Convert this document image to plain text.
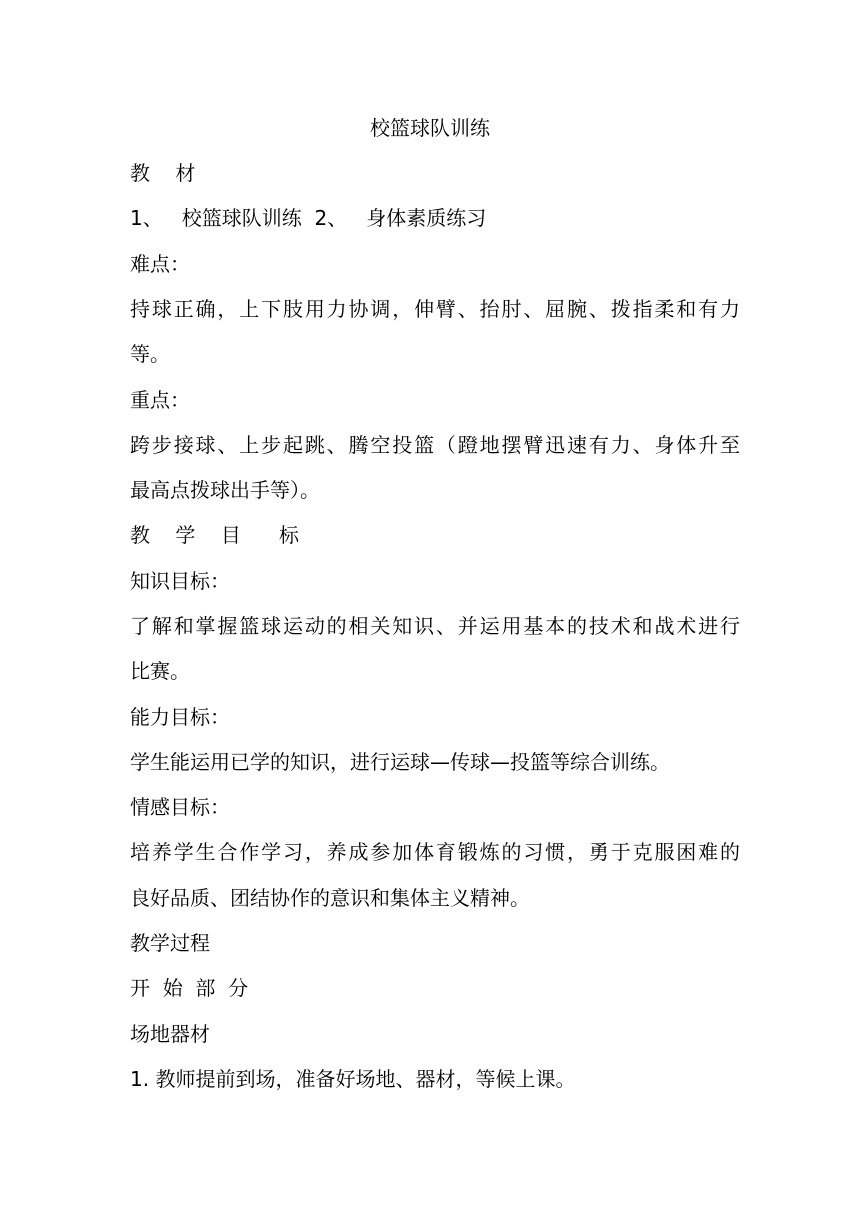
校篮球队训练
教    材
1、   校篮球队训练  2、   身体素质练习
难点：
持球正确，上下肢用力协调，伸臂、抬肘、屈腕、拨指柔和有力
等。
重点：
跨步接球、上步起跳、腾空投篮（蹬地摆臂迅速有力、身体升至
最高点拨球出手等）。
教    学    目      标
知识目标：
了解和掌握篮球运动的相关知识、并运用基本的技术和战术进行
比赛。
能力目标：
学生能运用已学的知识，进行运球—传球—投篮等综合训练。
情感目标：
培养学生合作学习，养成参加体育锻炼的习惯，勇于克服困难的
良好品质、团结协作的意识和集体主义精神。
教学过程
开  始  部  分
场地器材
1. 教师提前到场，准备好场地、器材，等候上课。
